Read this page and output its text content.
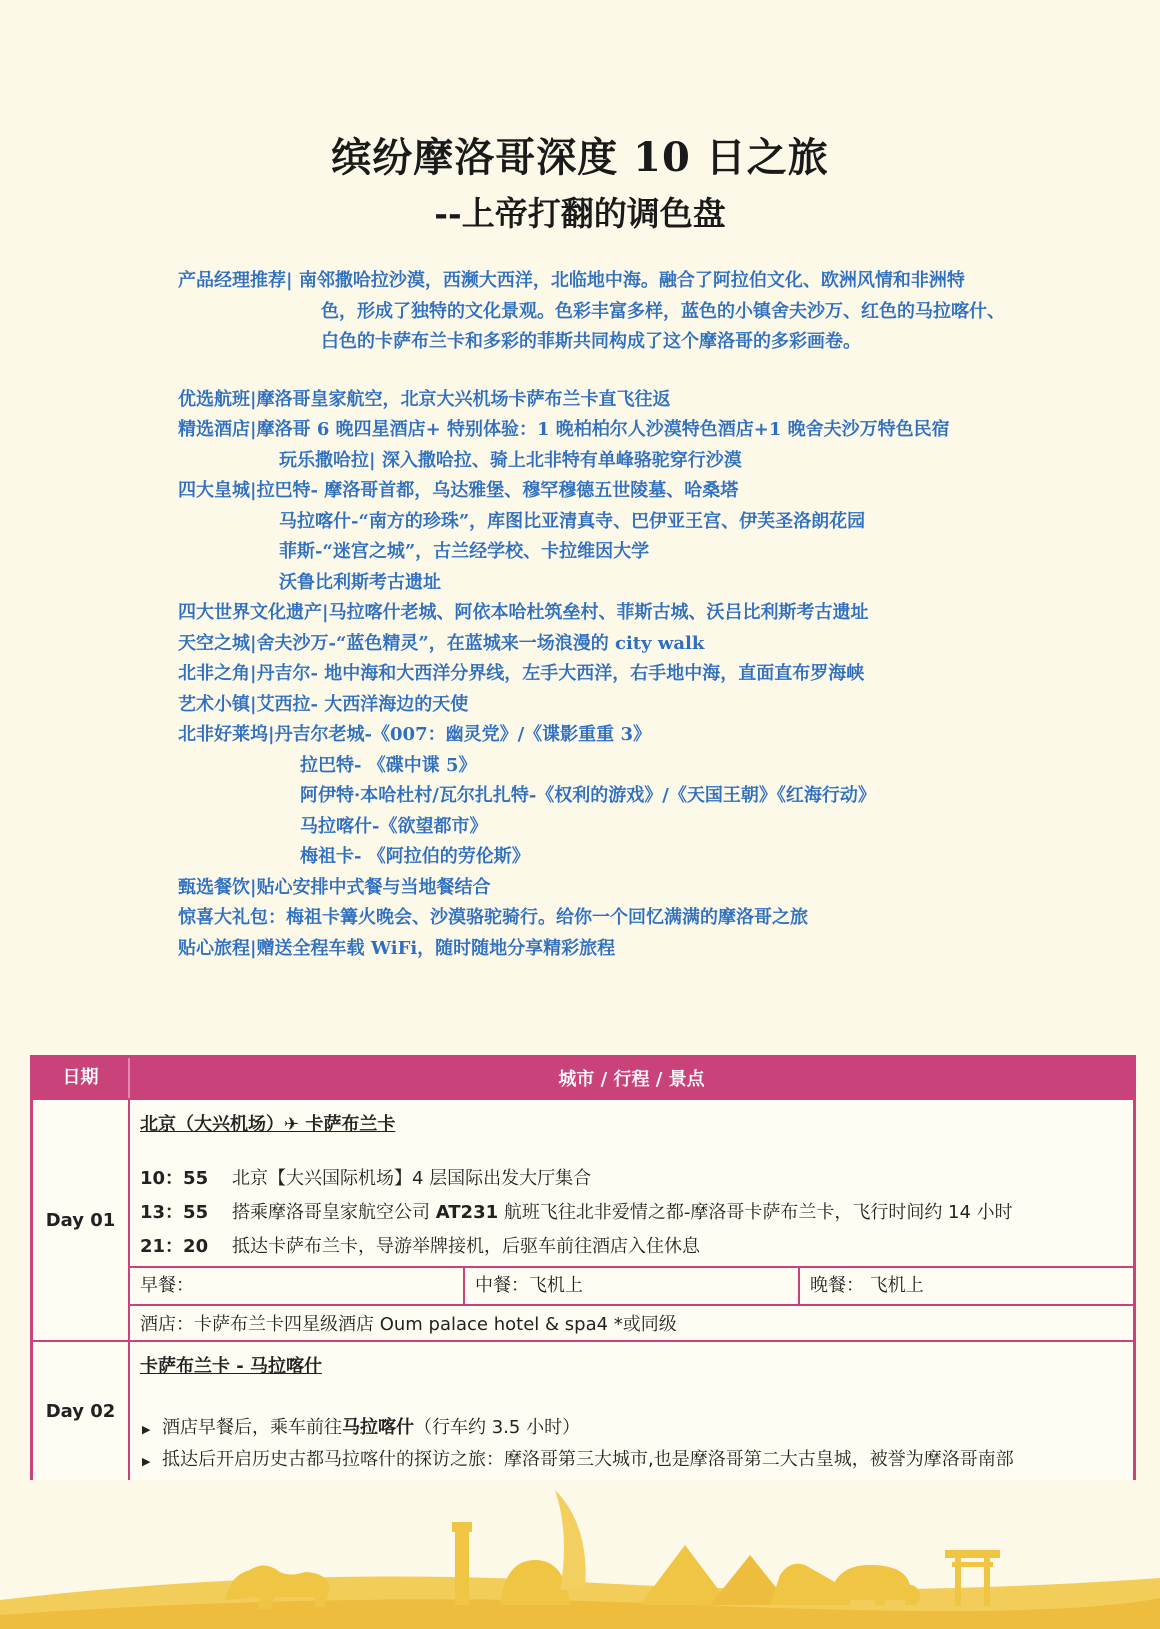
缤纷摩洛哥深度 10 日之旅
--上帝打翻的调色盘
产品经理推荐| 南邻撒哈拉沙漠，西濒大西洋，北临地中海。融合了阿拉伯文化、欧洲风情和非洲特
色，形成了独特的文化景观。色彩丰富多样，蓝色的小镇舍夫沙万、红色的马拉喀什、
白色的卡萨布兰卡和多彩的菲斯共同构成了这个摩洛哥的多彩画卷。
优选航班|摩洛哥皇家航空，北京大兴机场卡萨布兰卡直飞往返
精选酒店|摩洛哥 6 晚四星酒店+ 特别体验：1 晚柏柏尔人沙漠特色酒店+1 晚舍夫沙万特色民宿
玩乐撒哈拉| 深入撒哈拉、骑上北非特有单峰骆驼穿行沙漠
四大皇城|拉巴特- 摩洛哥首都，乌达雅堡、穆罕穆德五世陵墓、哈桑塔
马拉喀什-“南方的珍珠”，库图比亚清真寺、巴伊亚王宫、伊芙圣洛朗花园
菲斯-“迷宫之城”，古兰经学校、卡拉维因大学
沃鲁比利斯考古遗址
四大世界文化遗产|马拉喀什老城、阿依本哈杜筑垒村、菲斯古城、沃吕比利斯考古遗址
天空之城|舍夫沙万-“蓝色精灵”，在蓝城来一场浪漫的 city walk
北非之角|丹吉尔- 地中海和大西洋分界线，左手大西洋，右手地中海，直面直布罗海峡
艺术小镇|艾西拉- 大西洋海边的天使
北非好莱坞|丹吉尔老城-《007：幽灵党》/《谍影重重 3》
拉巴特- 《碟中谍 5》
阿伊特·本哈杜村/瓦尔扎扎特-《权利的游戏》/《天国王朝》《红海行动》
马拉喀什-《欲望都市》
梅祖卡- 《阿拉伯的劳伦斯》
甄选餐饮|贴心安排中式餐与当地餐结合
惊喜大礼包：梅祖卡篝火晚会、沙漠骆驼骑行。给你一个回忆满满的摩洛哥之旅
贴心旅程|赠送全程车载 WiFi，随时随地分享精彩旅程
日期	城市 / 行程 / 景点
Day 01
北京（大兴机场）✈ 卡萨布兰卡
10：55 北京【大兴国际机场】4 层国际出发大厅集合
13：55 搭乘摩洛哥皇家航空公司 AT231 航班飞往北非爱情之都-摩洛哥卡萨布兰卡，飞行时间约 14 小时
21：20 抵达卡萨布兰卡，导游举牌接机，后驱车前往酒店入住休息
早餐：	中餐：飞机上	晚餐： 飞机上
酒店：卡萨布兰卡四星级酒店 Oum palace hotel & spa4 *或同级
Day 02
卡萨布兰卡 - 马拉喀什
▶ 酒店早餐后，乘车前往马拉喀什（行车约 3.5 小时）
▶ 抵达后开启历史古都马拉喀什的探访之旅：摩洛哥第三大城市,也是摩洛哥第二大古皇城，被誉为摩洛哥南部
